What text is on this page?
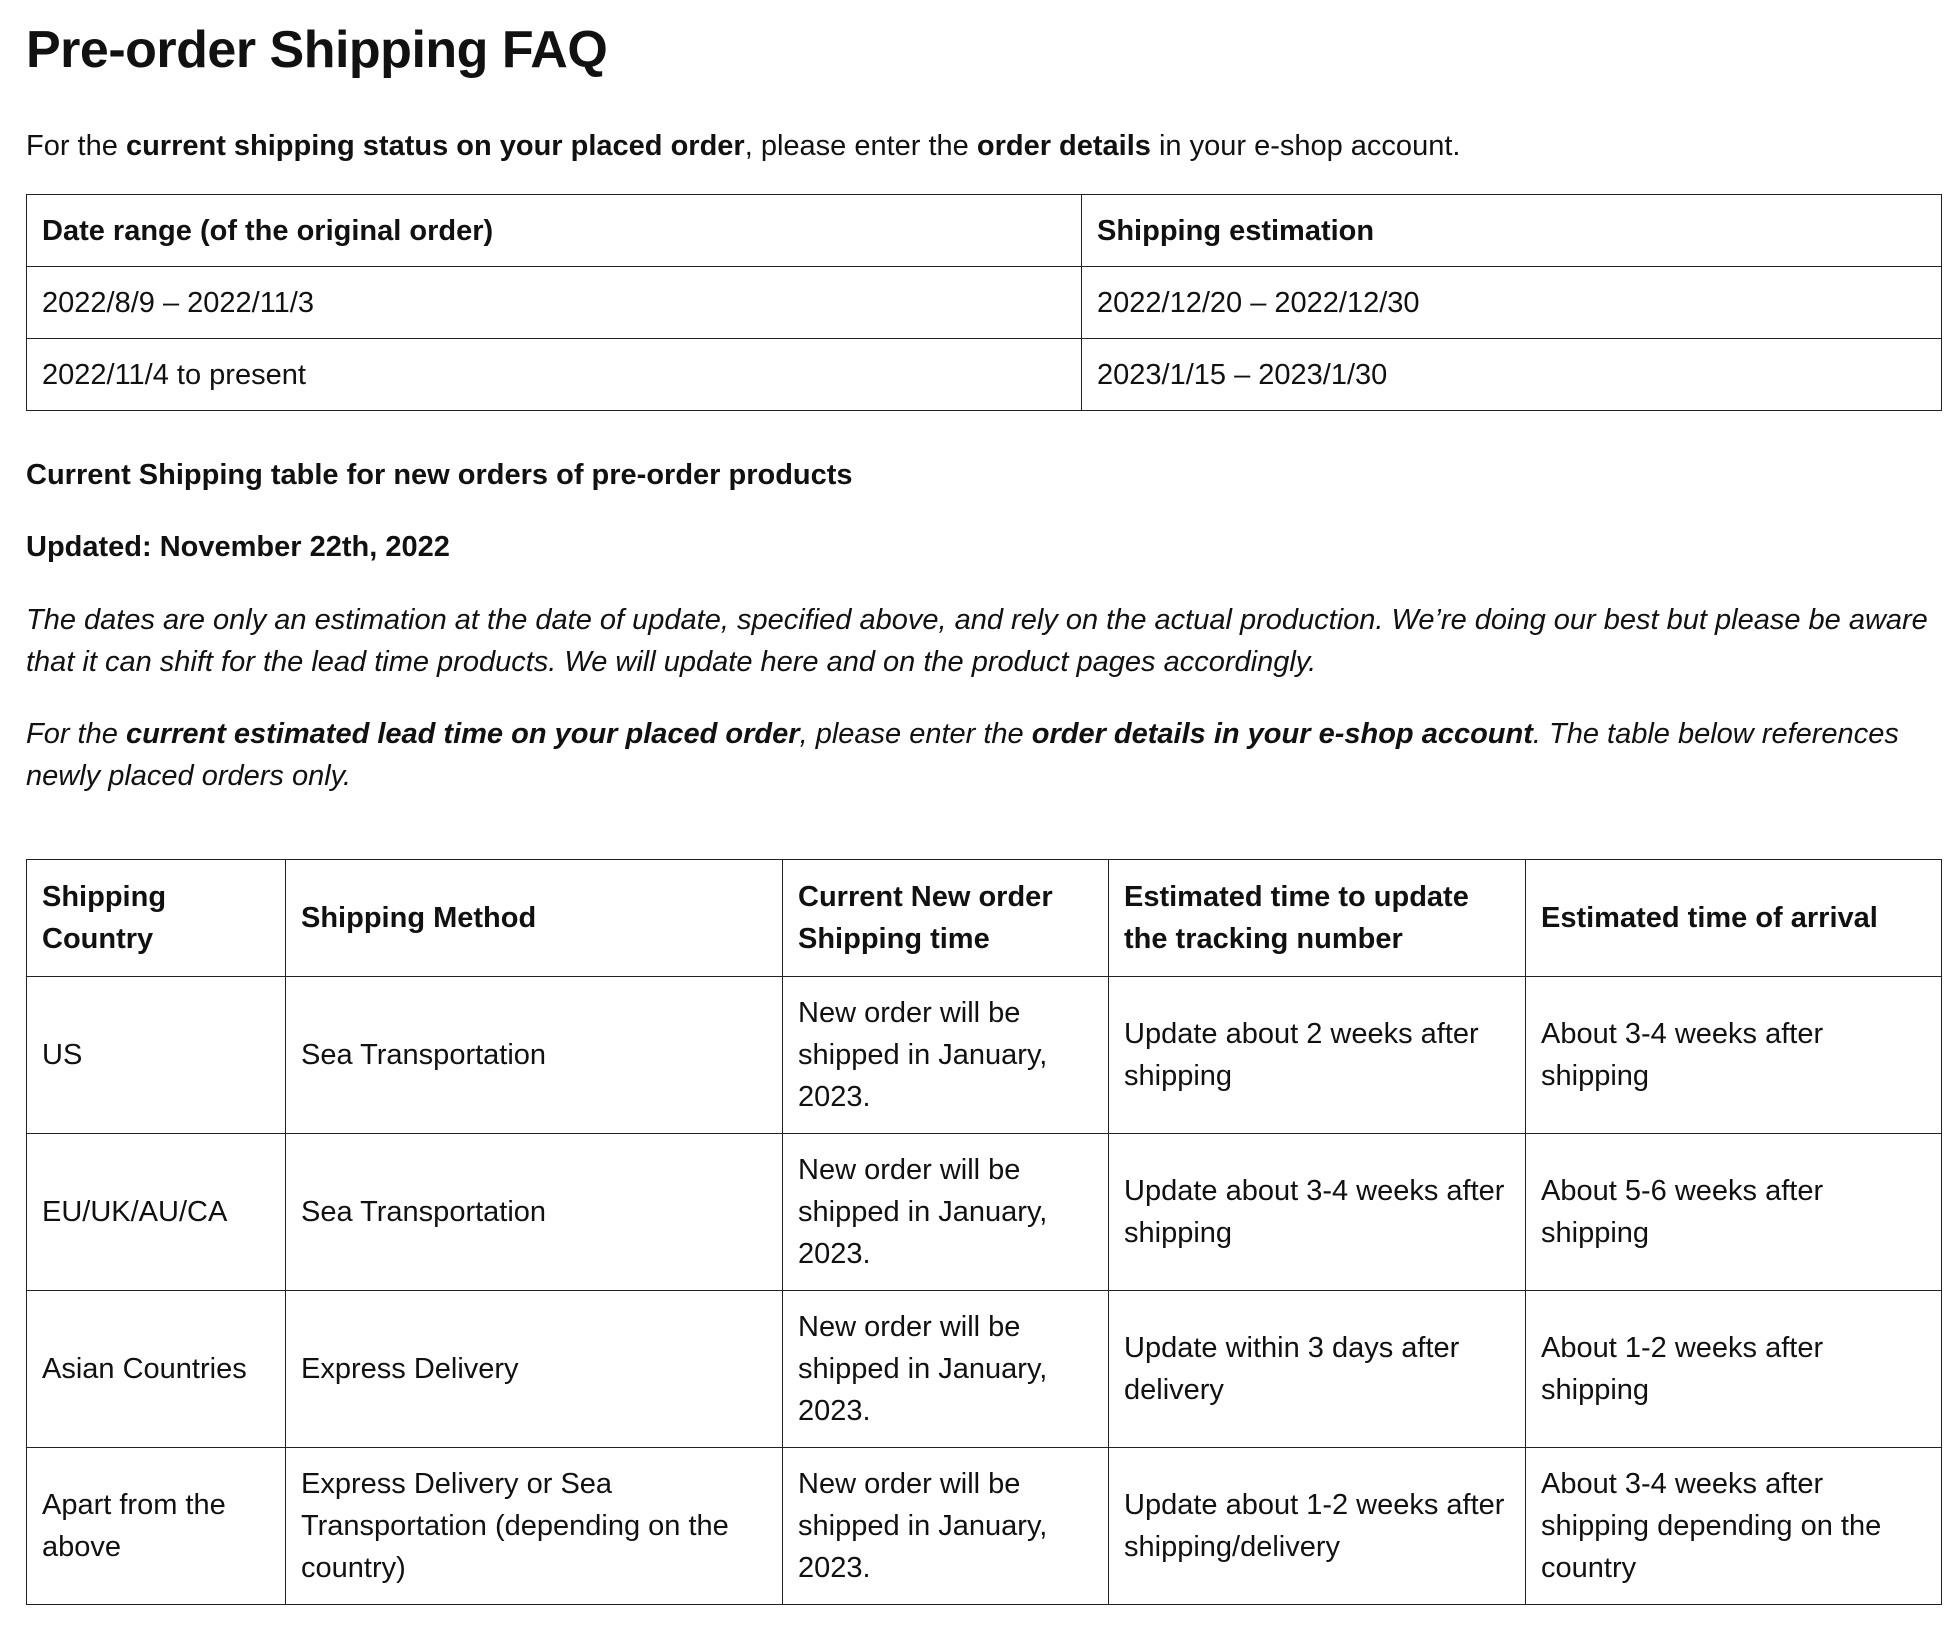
Pre-order Shipping FAQ

For the current shipping status on your placed order, please enter the order details in your e-shop account.

Date range (of the original order)	Shipping estimation
2022/8/9 – 2022/11/3	2022/12/20 – 2022/12/30
2022/11/4 to present	2023/1/15 – 2023/1/30

Current Shipping table for new orders of pre-order products

Updated: November 22th, 2022

The dates are only an estimation at the date of update, specified above, and rely on the actual production. We’re doing our best but please be aware that it can shift for the lead time products. We will update here and on the product pages accordingly.

For the current estimated lead time on your placed order, please enter the order details in your e-shop account. The table below references newly placed orders only.

Shipping Country	Shipping Method	Current New order Shipping time	Estimated time to update the tracking number	Estimated time of arrival
US	Sea Transportation	New order will be shipped in January, 2023.	Update about 2 weeks after shipping	About 3-4 weeks after shipping
EU/UK/AU/CA	Sea Transportation	New order will be shipped in January, 2023.	Update about 3-4 weeks after shipping	About 5-6 weeks after shipping
Asian Countries	Express Delivery	New order will be shipped in January, 2023.	Update within 3 days after delivery	About 1-2 weeks after shipping
Apart from the above	Express Delivery or Sea Transportation (depending on the country)	New order will be shipped in January, 2023.	Update about 1-2 weeks after shipping/delivery	About 3-4 weeks after shipping depending on the country
